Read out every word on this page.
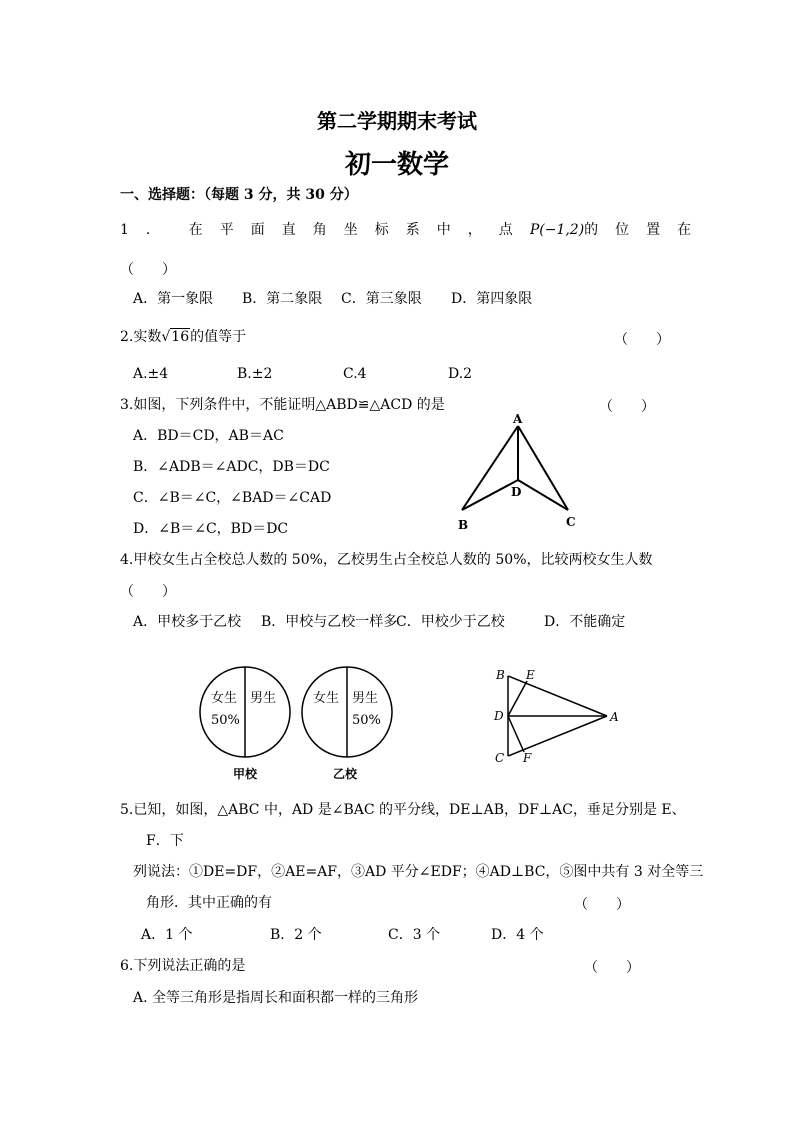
第二学期期末考试
初一数学
一、选择题：（每题 3 分，共 30 分）
1. 在平面直角坐标系中，点P(−1,2)的位置在
（　　）
A．第一象限 B．第二象限 C．第三象限 D．第四象限
2.实数√16的值等于	（　　）
A.±4	B.±2	C.4	D.2
3.如图，下列条件中，不能证明△ABD≌△ACD 的是	（　　）
A．BD＝CD，AB＝AC
B．∠ADB＝∠ADC，DB＝DC
C．∠B＝∠C，∠BAD＝∠CAD
D．∠B＝∠C，BD＝DC
A
B	C
D
4.甲校女生占全校总人数的 50%，乙校男生占全校总人数的 50%，比较两校女生人数
（　　）
A．甲校多于乙校 B．甲校与乙校一样多C．甲校少于乙校	D．不能确定
女生
50%
男生
甲校
女生 男生
50%
乙校
B E
D	A
C F
5.已知，如图，△ABC 中，AD 是∠BAC 的平分线，DE⊥AB，DF⊥AC，垂足分别是 E、
F．下
列说法：①DE=DF，②AE=AF，③AD 平分∠EDF；④AD⊥BC，⑤图中共有 3 对全等三
角形．其中正确的有	（　　）
A．1 个	B．2 个	C．3 个	D．4 个
6.下列说法正确的是	（　　）
A. 全等三角形是指周长和面积都一样的三角形
